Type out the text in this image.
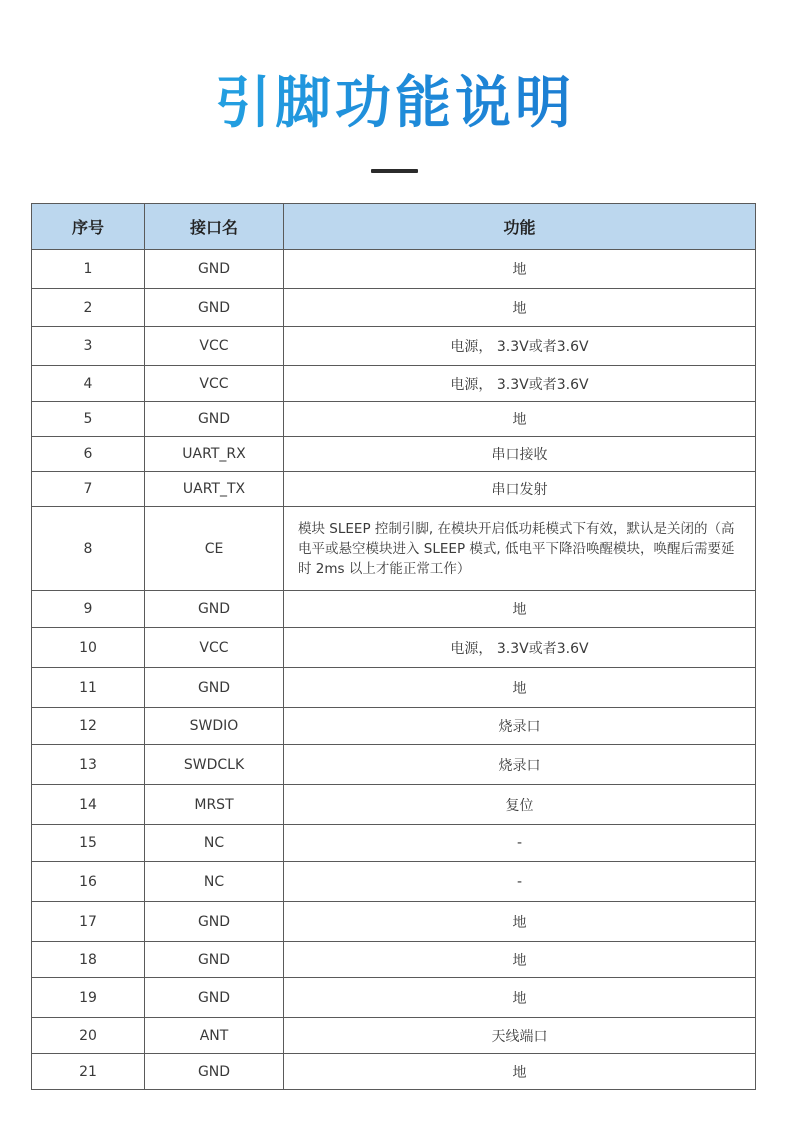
引脚功能说明
序号	接口名	功能
1	GND	地
2	GND	地
3	VCC	电源， 3.3V或者3.6V
4	VCC	电源， 3.3V或者3.6V
5	GND	地
6	UART_RX	串口接收
7	UART_TX	串口发射
8	CE	模块 SLEEP 控制引脚, 在模块开启低功耗模式下有效，默认是关闭的（高电平或悬空模块进入 SLEEP 模式, 低电平下降沿唤醒模块，唤醒后需要延时 2ms 以上才能正常工作）
9	GND	地
10	VCC	电源， 3.3V或者3.6V
11	GND	地
12	SWDIO	烧录口
13	SWDCLK	烧录口
14	MRST	复位
15	NC	-
16	NC	-
17	GND	地
18	GND	地
19	GND	地
20	ANT	天线端口
21	GND	地
